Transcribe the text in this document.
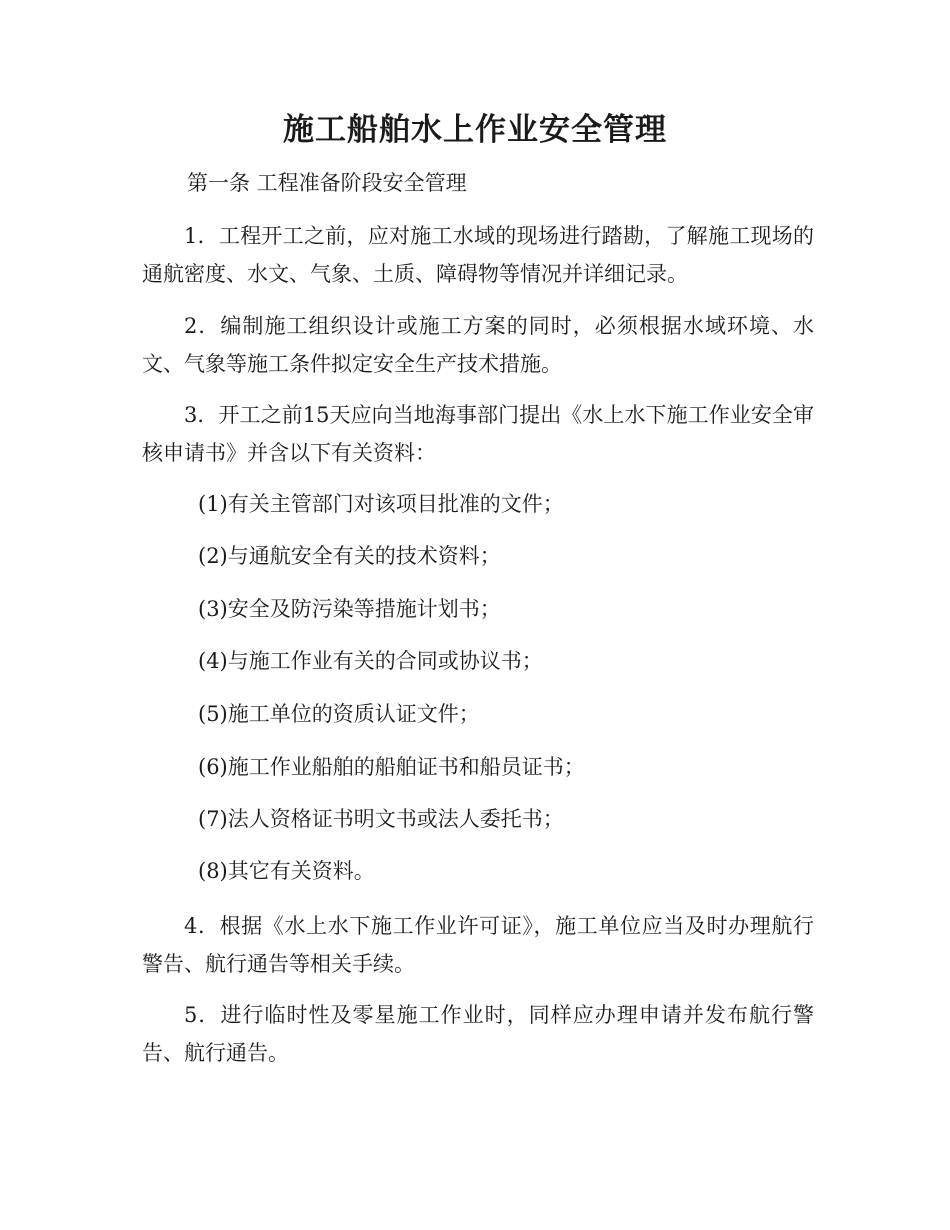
施工船舶水上作业安全管理
第一条 工程准备阶段安全管理
1．工程开工之前，应对施工水域的现场进行踏勘，了解施工现场的通航密度、水文、气象、土质、障碍物等情况并详细记录。
2．编制施工组织设计或施工方案的同时，必须根据水域环境、水文、气象等施工条件拟定安全生产技术措施。
3．开工之前15天应向当地海事部门提出《水上水下施工作业安全审核申请书》并含以下有关资料：
(1)有关主管部门对该项目批准的文件；
(2)与通航安全有关的技术资料；
(3)安全及防污染等措施计划书；
(4)与施工作业有关的合同或协议书；
(5)施工单位的资质认证文件；
(6)施工作业船舶的船舶证书和船员证书；
(7)法人资格证书明文书或法人委托书；
(8)其它有关资料。
4．根据《水上水下施工作业许可证》，施工单位应当及时办理航行警告、航行通告等相关手续。
5．进行临时性及零星施工作业时，同样应办理申请并发布航行警告、航行通告。
